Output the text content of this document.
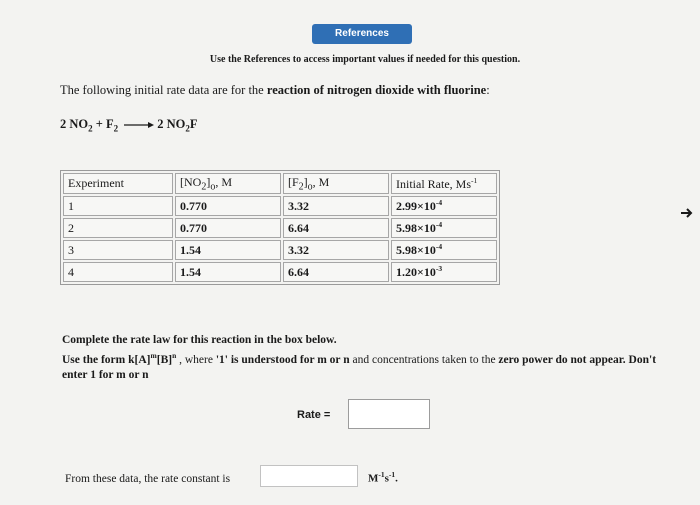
References
Use the References to access important values if needed for this question.
The following initial rate data are for the reaction of nitrogen dioxide with fluorine:
2 $NO_2 + F_2 \to 2$ $NO_2F$
Experiment	$[NO_2]_o$, M	$[F_2]_o$, M	Initial Rate, $Ms^{-1}$
1	0.770	3.32	$2.99\times 10^{-4}$
2	0.770	6.64	$5.98\times 10^{-4}$
3	1.54	3.32	$5.98\times 10^{-4}$
4	1.54	6.64	$1.20\times 10^{-3}$
Complete the rate law for this reaction in the box below.
Use the form $k[A]^m[B]^n$ , where '1' is understood for m or n and concentrations taken to the zero power do not appear. Don't enter 1 for m or n
Rate =
From these data, the rate constant is	$M^{-1}s^{-1}$.
